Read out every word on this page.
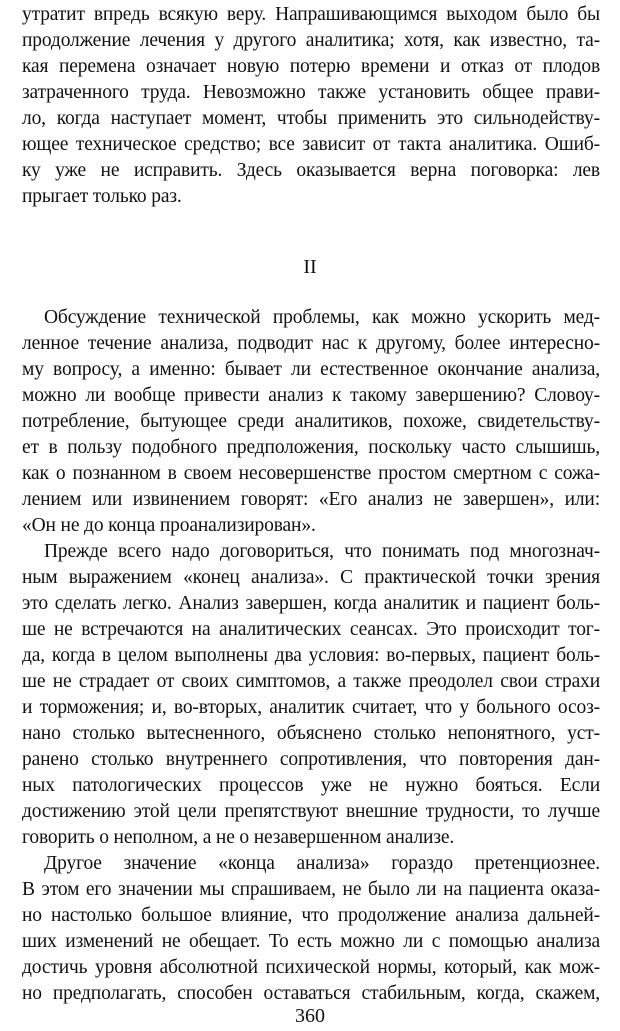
утратит впредь всякую веру. Напрашивающимся выходом было бы
продолжение лечения у другого аналитика; хотя, как известно, та-
кая перемена означает новую потерю времени и отказ от плодов
затраченного труда. Невозможно также установить общее прави-
ло, когда наступает момент, чтобы применить это сильнодейству-
ющее техническое средство; все зависит от такта аналитика. Ошиб-
ку уже не исправить. Здесь оказывается верна поговорка: лев
прыгает только раз.
II
Обсуждение технической проблемы, как можно ускорить мед-
ленное течение анализа, подводит нас к другому, более интересно-
му вопросу, а именно: бывает ли естественное окончание анализа,
можно ли вообще привести анализ к такому завершению? Словоу-
потребление, бытующее среди аналитиков, похоже, свидетельству-
ет в пользу подобного предположения, поскольку часто слышишь,
как о познанном в своем несовершенстве простом смертном с сожа-
лением или извинением говорят: «Его анализ не завершен», или:
«Он не до конца проанализирован».
Прежде всего надо договориться, что понимать под многознач-
ным выражением «конец анализа». С практической точки зрения
это сделать легко. Анализ завершен, когда аналитик и пациент боль-
ше не встречаются на аналитических сеансах. Это происходит тог-
да, когда в целом выполнены два условия: во-первых, пациент боль-
ше не страдает от своих симптомов, а также преодолел свои страхи
и торможения; и, во-вторых, аналитик считает, что у больного осоз-
нано столько вытесненного, объяснено столько непонятного, уст-
ранено столько внутреннего сопротивления, что повторения дан-
ных патологических процессов уже не нужно бояться. Если
достижению этой цели препятствуют внешние трудности, то лучше
говорить о неполном, а не о незавершенном анализе.
Другое значение «конца анализа» гораздо претенциознее.
В этом его значении мы спрашиваем, не было ли на пациента оказа-
но настолько большое влияние, что продолжение анализа дальней-
ших изменений не обещает. То есть можно ли с помощью анализа
достичь уровня абсолютной психической нормы, который, как мож-
но предполагать, способен оставаться стабильным, когда, скажем,
360
